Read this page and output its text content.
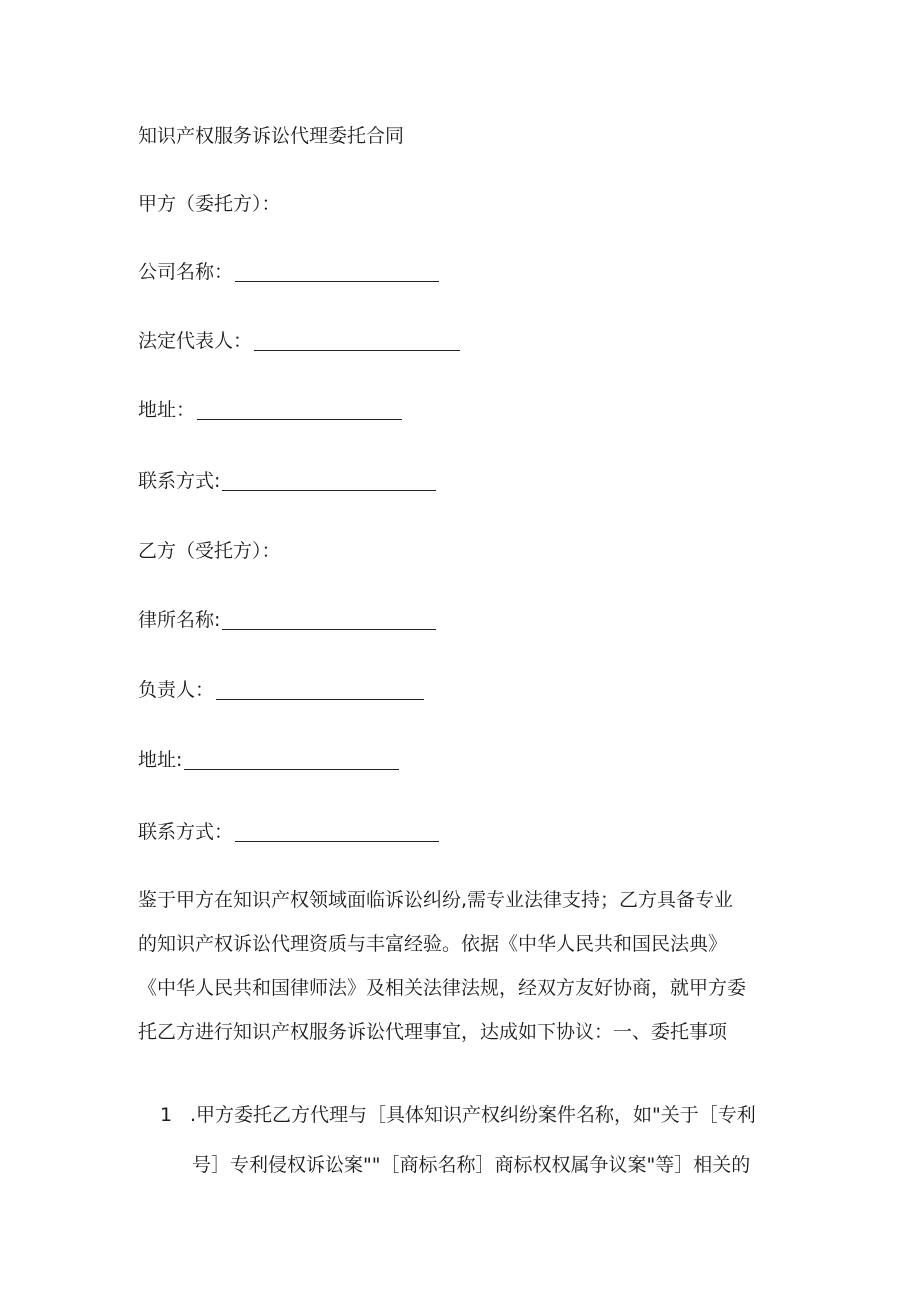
知识产权服务诉讼代理委托合同
甲方（委托方）：
公司名称：
法定代表人：
地址：
联系方式:
乙方（受托方）：
律所名称:
负责人：
地址:
联系方式：
鉴于甲方在知识产权领域面临诉讼纠纷,需专业法律支持；乙方具备专业
的知识产权诉讼代理资质与丰富经验。依据《中华人民共和国民法典》
《中华人民共和国律师法》及相关法律法规，经双方友好协商，就甲方委
托乙方进行知识产权服务诉讼代理事宜，达成如下协议：一、委托事项
1 .甲方委托乙方代理与［具体知识产权纠纷案件名称，如"关于［专利
号］专利侵权诉讼案""［商标名称］商标权权属争议案"等］相关的
